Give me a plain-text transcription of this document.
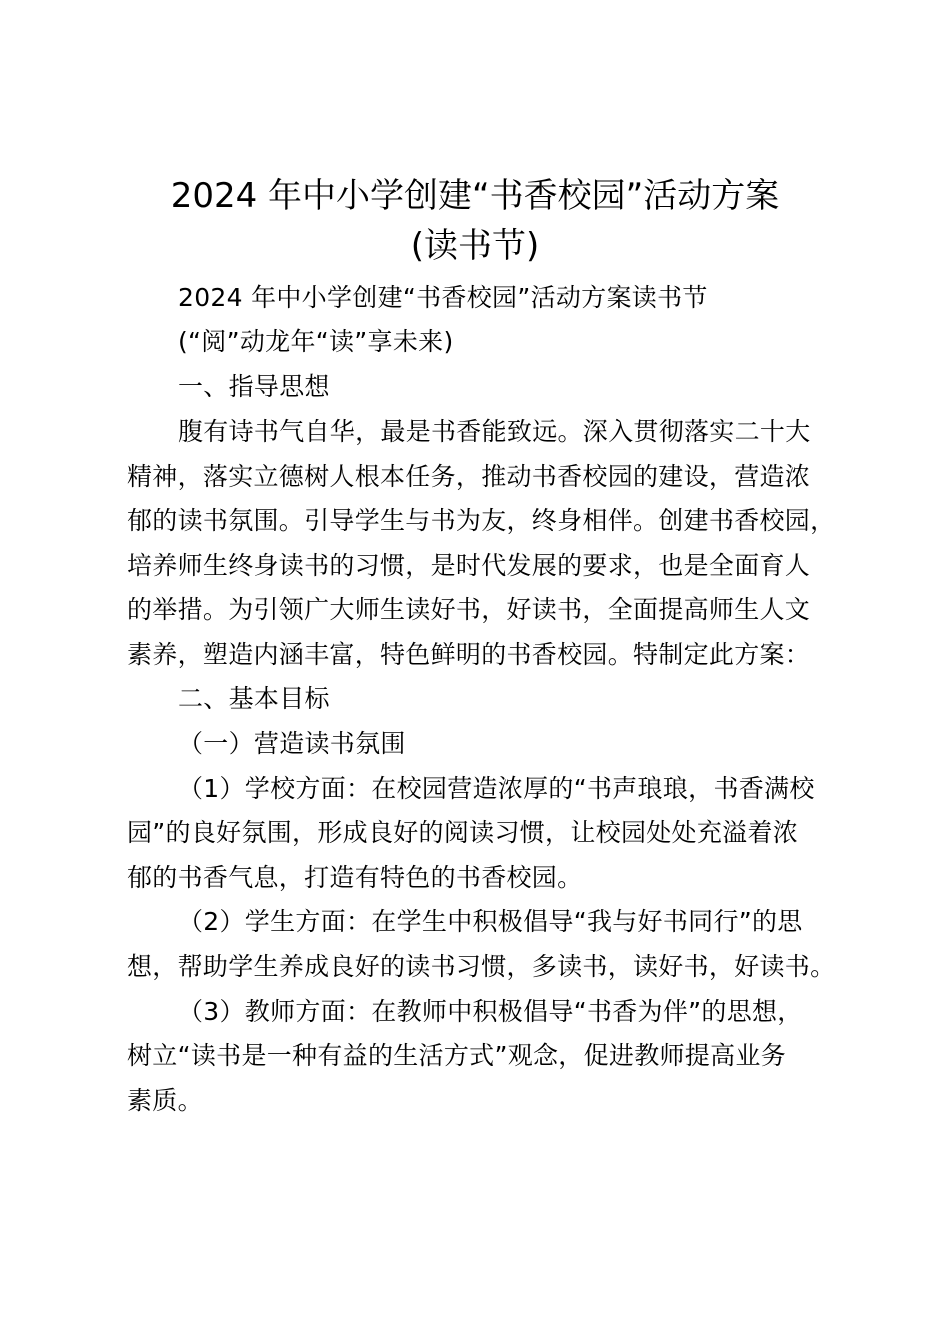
2024 年中小学创建“书香校园”活动方案
(读书节)
2024 年中小学创建“书香校园”活动方案读书节
(“阅”动龙年“读”享未来)
一、指导思想
腹有诗书气自华，最是书香能致远。深入贯彻落实二十大
精神，落实立德树人根本任务，推动书香校园的建设，营造浓
郁的读书氛围。引导学生与书为友，终身相伴。创建书香校园，
培养师生终身读书的习惯，是时代发展的要求，也是全面育人
的举措。为引领广大师生读好书，好读书，全面提高师生人文
素养，塑造内涵丰富，特色鲜明的书香校园。特制定此方案：
二、基本目标
（一）营造读书氛围
（1）学校方面：在校园营造浓厚的“书声琅琅，书香满校
园”的良好氛围，形成良好的阅读习惯，让校园处处充溢着浓
郁的书香气息，打造有特色的书香校园。
（2）学生方面：在学生中积极倡导“我与好书同行”的思
想，帮助学生养成良好的读书习惯，多读书，读好书，好读书。
（3）教师方面：在教师中积极倡导“书香为伴”的思想，
树立“读书是一种有益的生活方式”观念，促进教师提高业务
素质。
